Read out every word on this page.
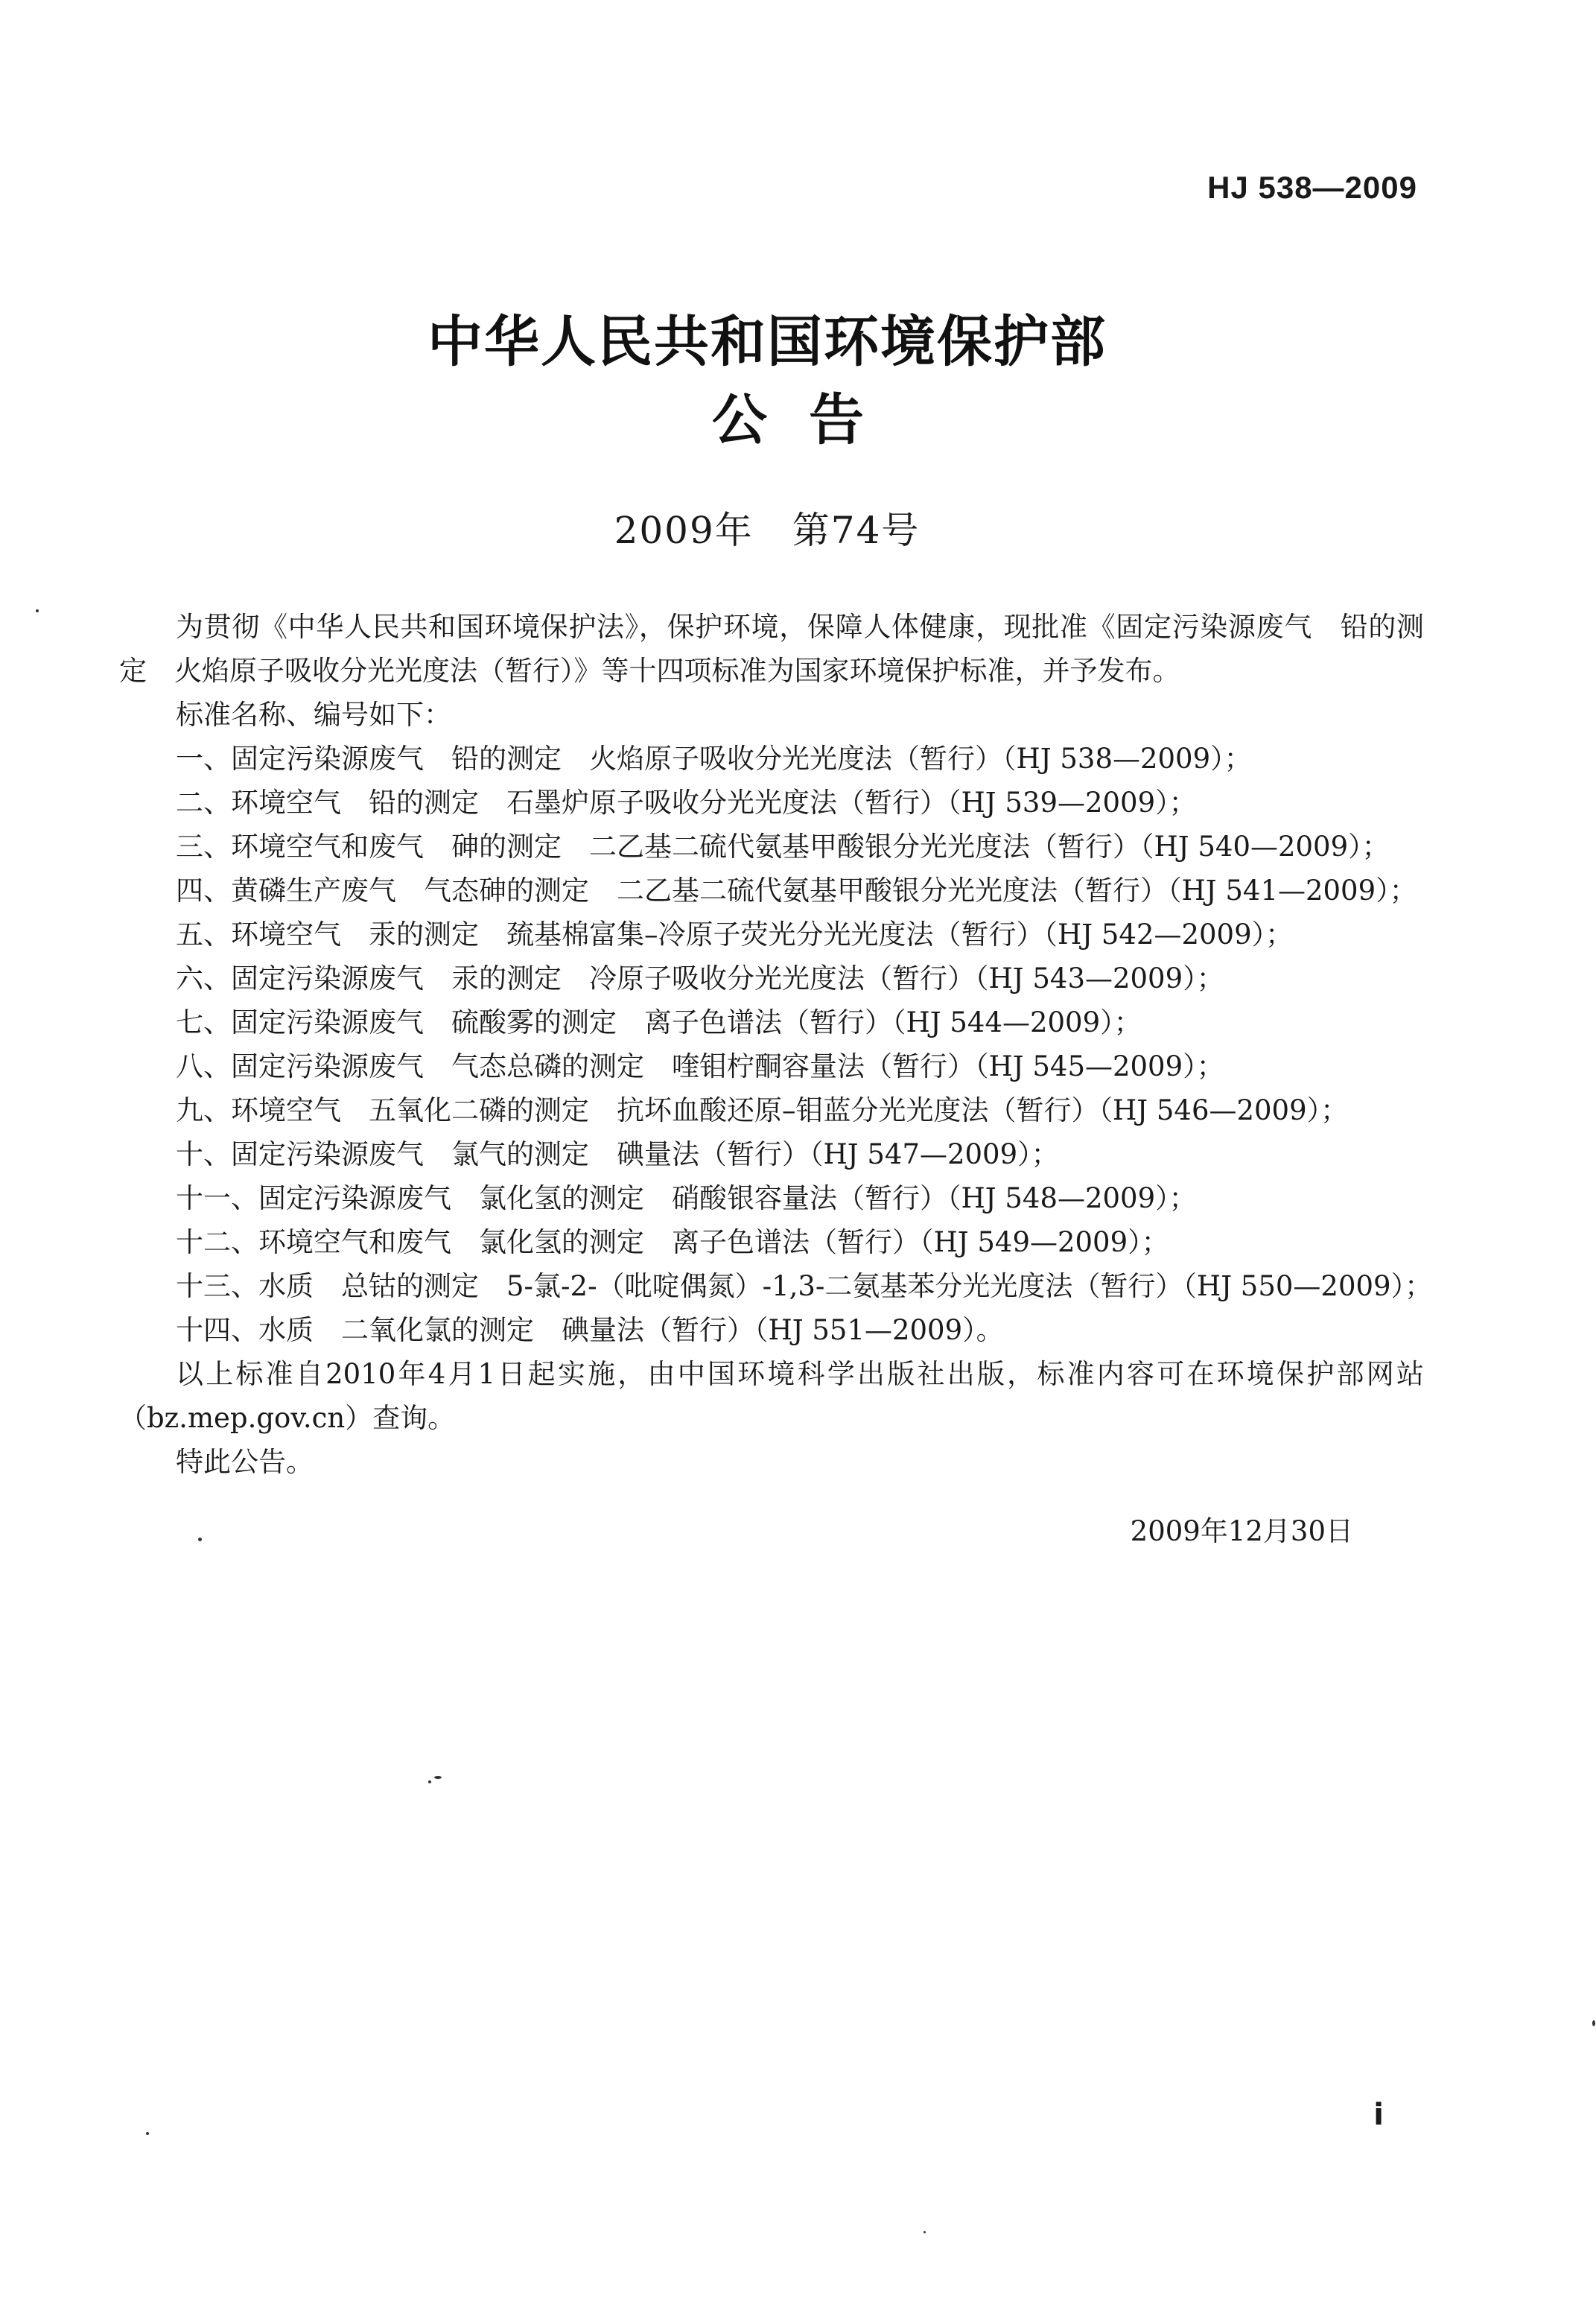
HJ 538—2009
中华人民共和国环境保护部
公告
2009年　第74号

为贯彻《中华人民共和国环境保护法》，保护环境，保障人体健康，现批准《固定污染源废气　铅的测定　火焰原子吸收分光光度法（暂行）》等十四项标准为国家环境保护标准，并予发布。

标准名称、编号如下：

一、固定污染源废气　铅的测定　火焰原子吸收分光光度法（暂行）（HJ 538—2009）；
二、环境空气　铅的测定　石墨炉原子吸收分光光度法（暂行）（HJ 539—2009）；
三、环境空气和废气　砷的测定　二乙基二硫代氨基甲酸银分光光度法（暂行）（HJ 540—2009）；
四、黄磷生产废气　气态砷的测定　二乙基二硫代氨基甲酸银分光光度法（暂行）（HJ 541—2009）；
五、环境空气　汞的测定　巯基棉富集–冷原子荧光分光光度法（暂行）（HJ 542—2009）；
六、固定污染源废气　汞的测定　冷原子吸收分光光度法（暂行）（HJ 543—2009）；
七、固定污染源废气　硫酸雾的测定　离子色谱法（暂行）（HJ 544—2009）；
八、固定污染源废气　气态总磷的测定　喹钼柠酮容量法（暂行）（HJ 545—2009）；
九、环境空气　五氧化二磷的测定　抗坏血酸还原–钼蓝分光光度法（暂行）（HJ 546—2009）；
十、固定污染源废气　氯气的测定　碘量法（暂行）（HJ 547—2009）；
十一、固定污染源废气　氯化氢的测定　硝酸银容量法（暂行）（HJ 548—2009）；
十二、环境空气和废气　氯化氢的测定　离子色谱法（暂行）（HJ 549—2009）；
十三、水质　总钴的测定　5-氯-2-（吡啶偶氮）-1,3-二氨基苯分光光度法（暂行）（HJ 550—2009）；
十四、水质　二氧化氯的测定　碘量法（暂行）（HJ 551—2009）。

以上标准自2010年4月1日起实施，由中国环境科学出版社出版，标准内容可在环境保护部网站（bz.mep.gov.cn）查询。

特此公告。

2009年12月30日
i
